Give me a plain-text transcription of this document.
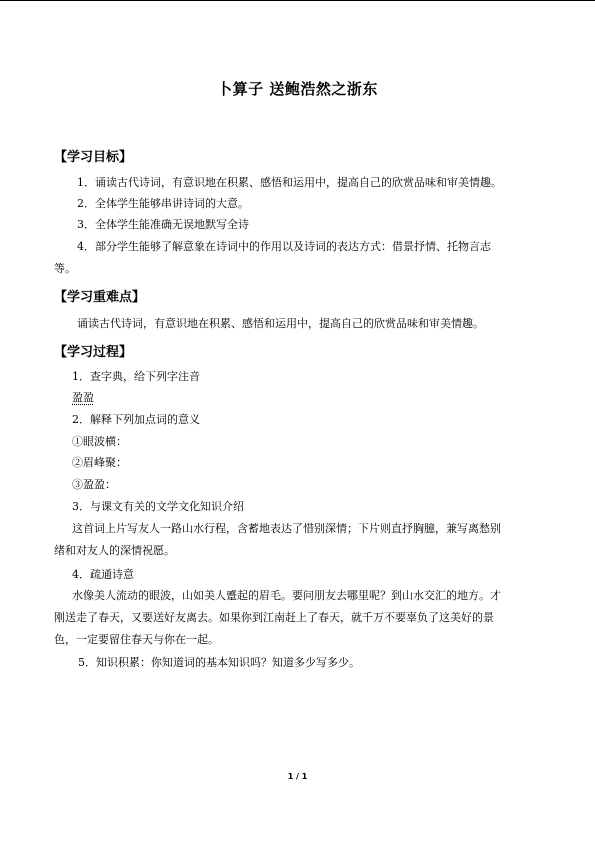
卜算子 送鲍浩然之浙东
【学习目标】
1．诵读古代诗词，有意识地在积累、感悟和运用中，提高自己的欣赏品味和审美情趣。
2．全体学生能够串讲诗词的大意。
3．全体学生能准确无误地默写全诗
4．部分学生能够了解意象在诗词中的作用以及诗词的表达方式：借景抒情、托物言志
等。
【学习重难点】
诵读古代诗词，有意识地在积累、感悟和运用中，提高自己的欣赏品味和审美情趣。
【学习过程】
1．查字典，给下列字注音
盈盈
2．解释下列加点词的意义
①眼波横：
②眉峰聚：
③盈盈：
3．与课文有关的文学文化知识介绍
这首词上片写友人一路山水行程，含蓄地表达了惜别深情；下片则直抒胸臆，兼写离愁别
绪和对友人的深情祝愿。
4．疏通诗意
水像美人流动的眼波，山如美人蹙起的眉毛。要问朋友去哪里呢？到山水交汇的地方。才
刚送走了春天，又要送好友离去。如果你到江南赶上了春天，就千万不要辜负了这美好的景
色，一定要留住春天与你在一起。
5．知识积累：你知道词的基本知识吗？知道多少写多少。
1 / 1
